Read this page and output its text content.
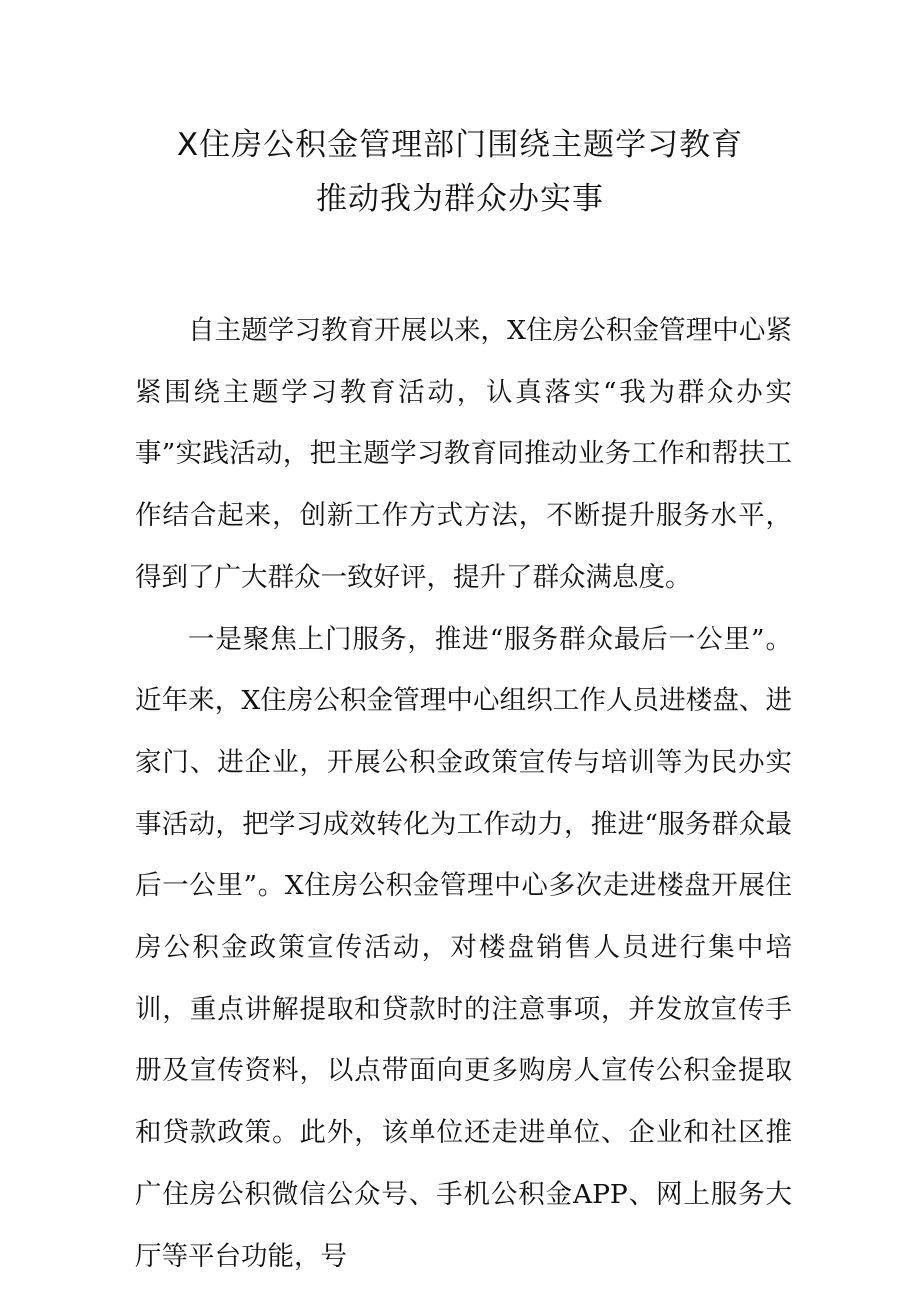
X住房公积金管理部门围绕主题学习教育
推动我为群众办实事

自主题学习教育开展以来，X住房公积金管理中心紧紧围绕主题学习教育活动，认真落实“我为群众办实事”实践活动，把主题学习教育同推动业务工作和帮扶工作结合起来，创新工作方式方法，不断提升服务水平，得到了广大群众一致好评，提升了群众满息度。

一是聚焦上门服务，推进“服务群众最后一公里”。近年来，X住房公积金管理中心组织工作人员进楼盘、进家门、进企业，开展公积金政策宣传与培训等为民办实事活动，把学习成效转化为工作动力，推进“服务群众最后一公里”。X住房公积金管理中心多次走进楼盘开展住房公积金政策宣传活动，对楼盘销售人员进行集中培训，重点讲解提取和贷款时的注意事项，并发放宣传手册及宣传资料，以点带面向更多购房人宣传公积金提取和贷款政策。此外，该单位还走进单位、企业和社区推广住房公积微信公众号、手机公积金APP、网上服务大厅等平台功能，号
